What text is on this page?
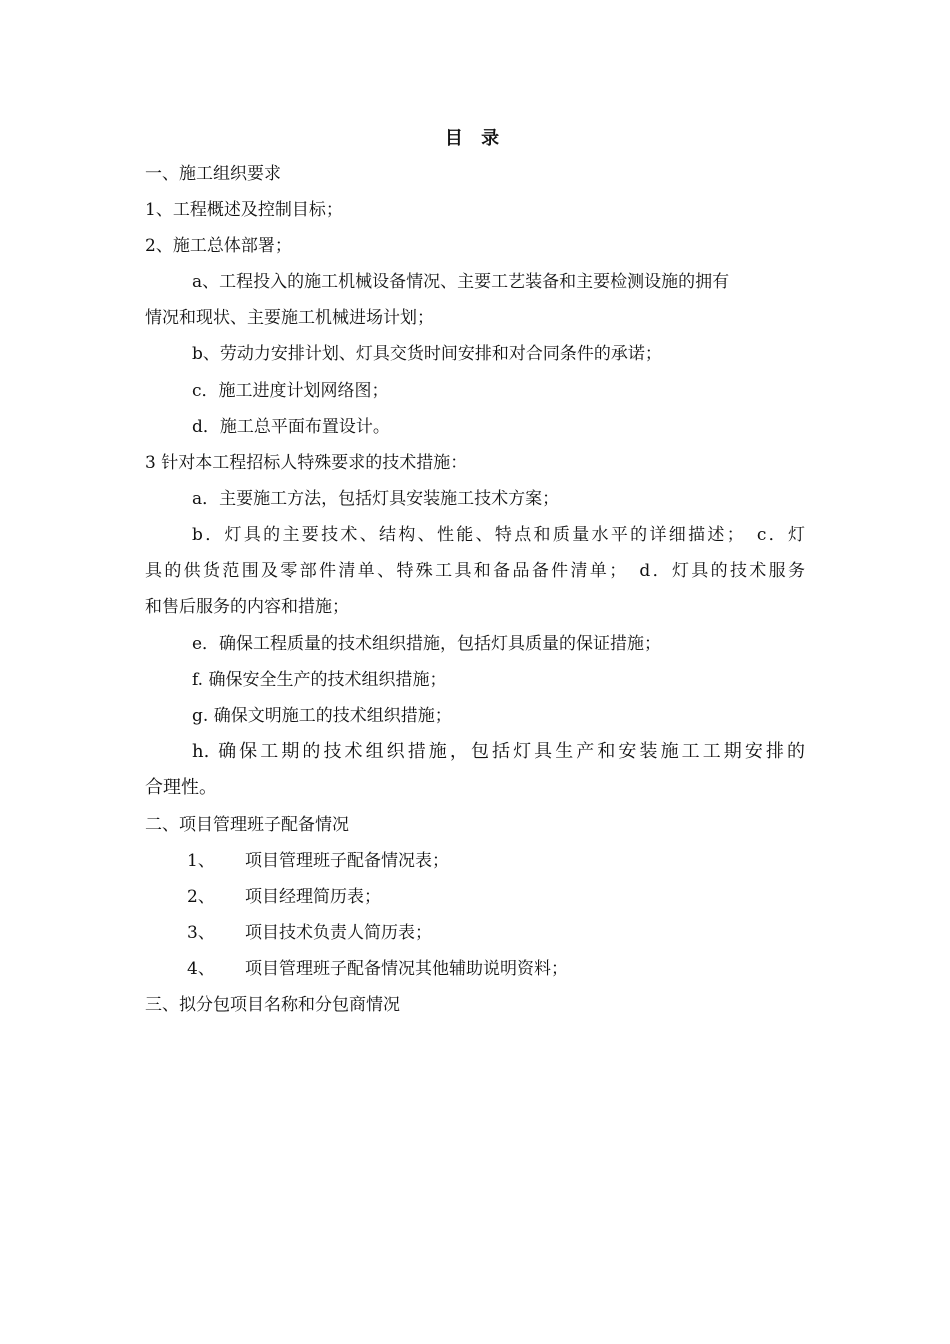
目 录
一、施工组织要求
1、工程概述及控制目标；
2、施工总体部署；
a、工程投入的施工机械设备情况、主要工艺装备和主要检测设施的拥有
情况和现状、主要施工机械进场计划；
b、劳动力安排计划、灯具交货时间安排和对合同条件的承诺；
c．施工进度计划网络图；
d．施工总平面布置设计。
3 针对本工程招标人特殊要求的技术措施：
a．主要施工方法，包括灯具安装施工技术方案；
b．灯具的主要技术、结构、性能、特点和质量水平的详细描述；　c．灯
具的供货范围及零部件清单、特殊工具和备品备件清单；　d．灯具的技术服务
和售后服务的内容和措施；
e．确保工程质量的技术组织措施，包括灯具质量的保证措施；
f. 确保安全生产的技术组织措施；
g. 确保文明施工的技术组织措施；
h. 确保工期的技术组织措施，包括灯具生产和安装施工工期安排的
合理性。
二、项目管理班子配备情况
1、 项目管理班子配备情况表；
2、 项目经理简历表；
3、 项目技术负责人简历表；
4、 项目管理班子配备情况其他辅助说明资料；
三、拟分包项目名称和分包商情况
